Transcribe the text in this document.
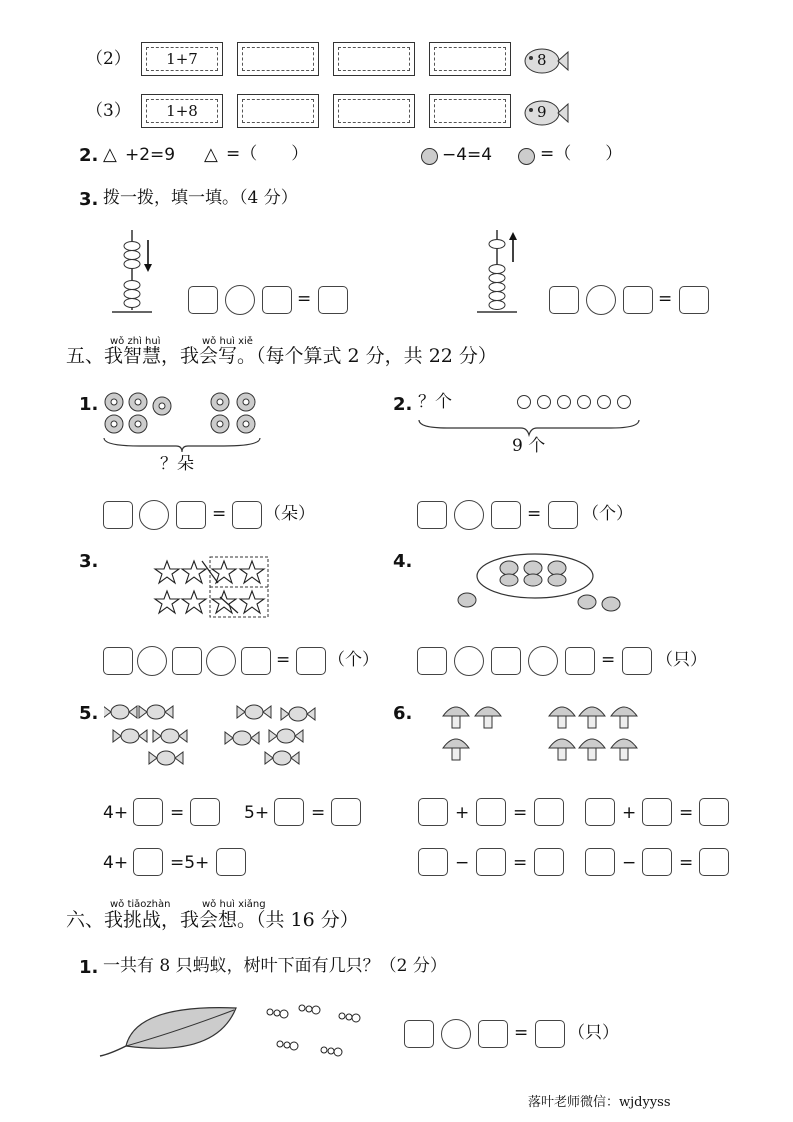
（2）	1+7	8
（3）	1+8	9
2. △ +2=9 △ =（　　）	−4=4	=（　　）
3. 拨一拨，填一填。（4 分）
=	=
wǒ zhì huì	wǒ huì xiě
五、我智慧，我会写。（每个算式 2 分，共 22 分）
1.
？朵
2. ？个
9 个
= （朵）	= （个）
3.	4.
= （个）	= （只）
5.	6.
4+ =	5+ =
4+ =5+
+	=	+	=
−	=	−	=
wǒ tiǎozhàn	wǒ huì xiǎng
六、我挑战，我会想。（共 16 分）
1. 一共有 8 只蚂蚁，树叶下面有几只？（2 分）
= （只）
落叶老师微信：wjdyyss
